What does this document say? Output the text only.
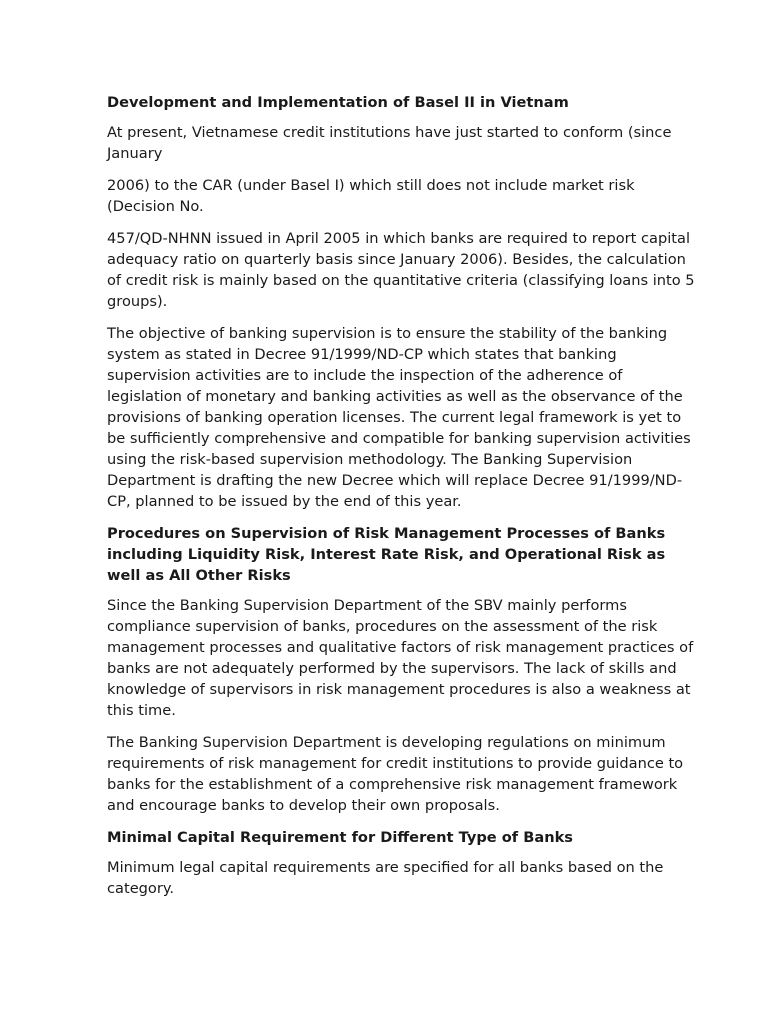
Development and Implementation of Basel II in Vietnam
At present, Vietnamese credit institutions have just started to conform (since January
2006) to the CAR (under Basel I) which still does not include market risk (Decision No.
457/QD-NHNN issued in April 2005 in which banks are required to report capital adequacy ratio on quarterly basis since January 2006). Besides, the calculation of credit risk is mainly based on the quantitative criteria (classifying loans into 5 groups).
The objective of banking supervision is to ensure the stability of the banking system as stated in Decree 91/1999/ND-CP which states that banking supervision activities are to include the inspection of the adherence of legislation of monetary and banking activities as well as the observance of the provisions of banking operation licenses. The current legal framework is yet to be sufficiently comprehensive and compatible for banking supervision activities using the risk-based supervision methodology. The Banking Supervision Department is drafting the new Decree which will replace Decree 91/1999/ND-CP, planned to be issued by the end of this year.
Procedures on Supervision of Risk Management Processes of Banks including Liquidity Risk, Interest Rate Risk, and Operational Risk as well as All Other Risks
Since the Banking Supervision Department of the SBV mainly performs compliance supervision of banks, procedures on the assessment of the risk management processes and qualitative factors of risk management practices of banks are not adequately performed by the supervisors. The lack of skills and knowledge of supervisors in risk management procedures is also a weakness at this time.
The Banking Supervision Department is developing regulations on minimum requirements of risk management for credit institutions to provide guidance to banks for the establishment of a comprehensive risk management framework and encourage banks to develop their own proposals.
Minimal Capital Requirement for Different Type of Banks
Minimum legal capital requirements are specified for all banks based on the category.
